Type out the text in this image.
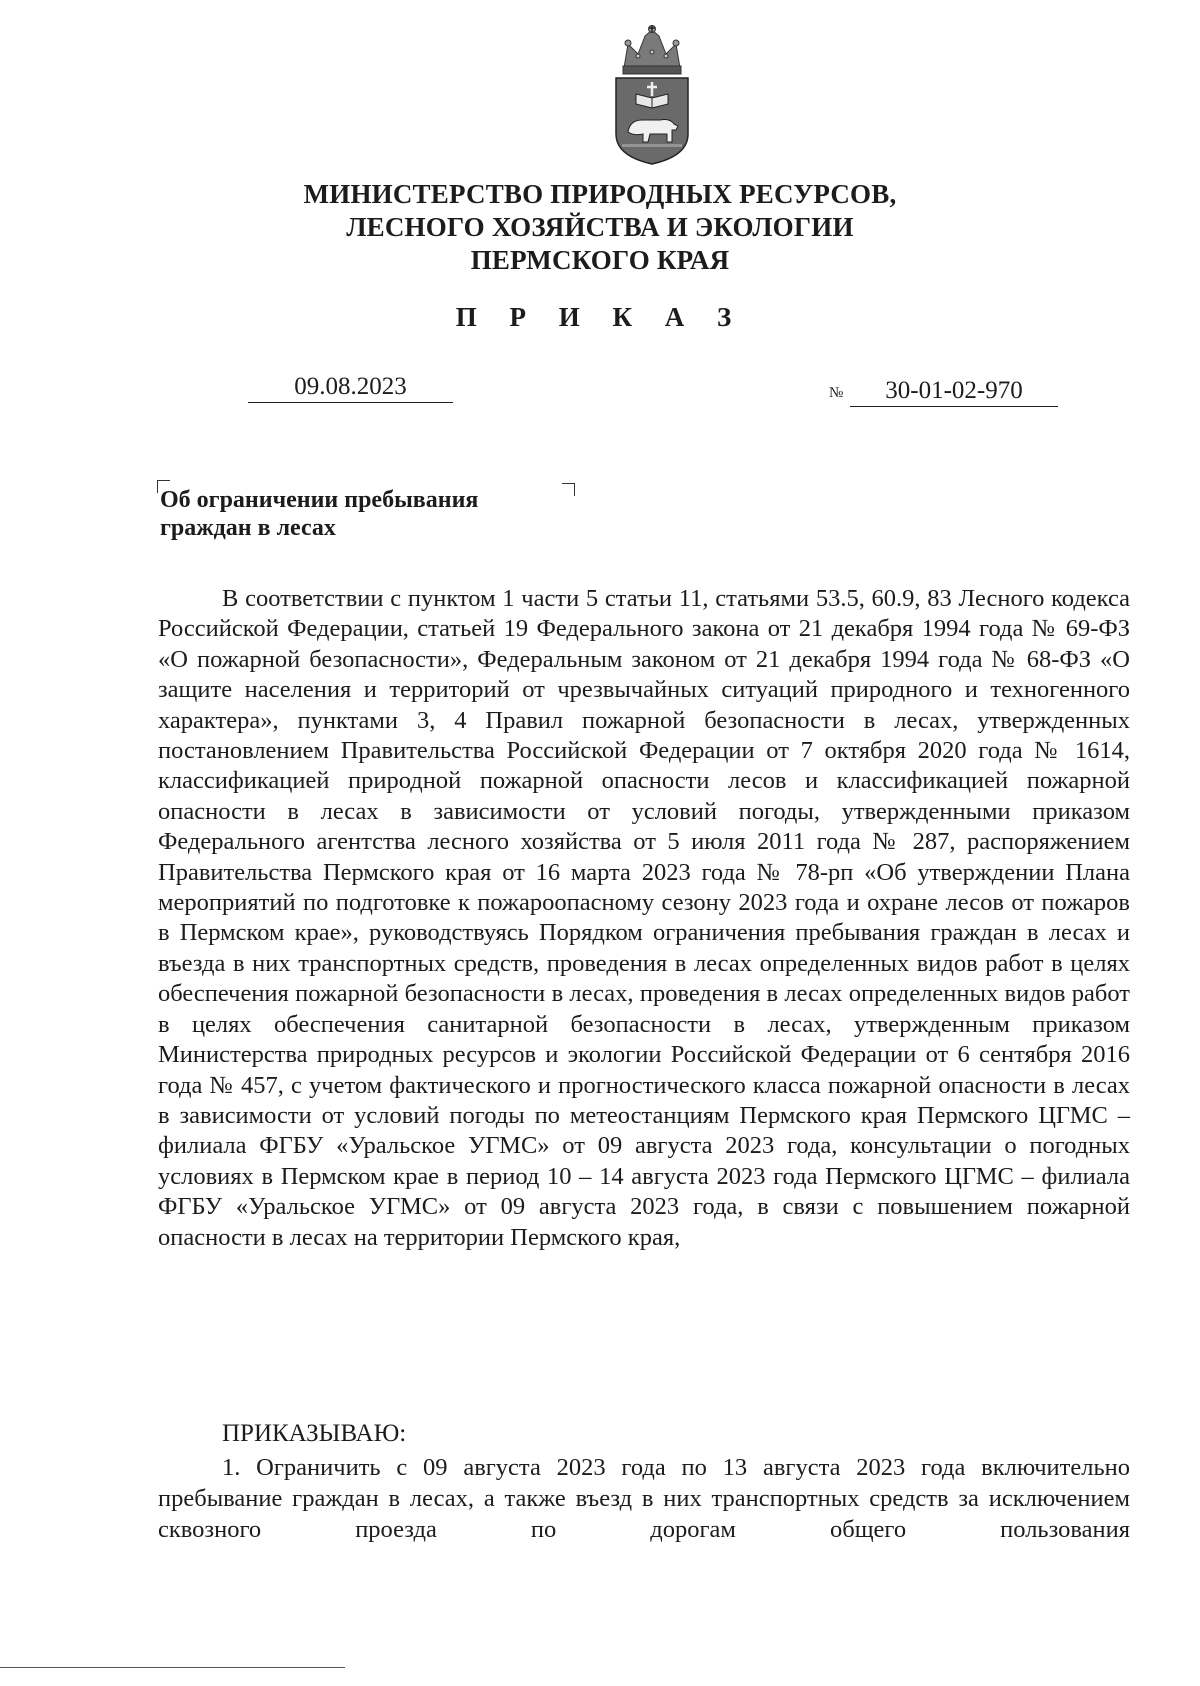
МИНИСТЕРСТВО ПРИРОДНЫХ РЕСУРСОВ,
ЛЕСНОГО ХОЗЯЙСТВА И ЭКОЛОГИИ
ПЕРМСКОГО КРАЯ
П Р И К А З
09.08.2023	№	30-01-02-970
Об ограничении пребывания
граждан в лесах

В соответствии с пунктом 1 части 5 статьи 11, статьями 53.5, 60.9, 83 Лесного кодекса Российской Федерации, статьей 19 Федерального закона от 21 декабря 1994 года № 69-ФЗ «О пожарной безопасности», Федеральным законом от 21 декабря 1994 года № 68-ФЗ «О защите населения и территорий от чрезвычайных ситуаций природного и техногенного характера», пунктами 3, 4 Правил пожарной безопасности в лесах, утвержденных постановлением Правительства Российской Федерации от 7 октября 2020 года № 1614, классификацией природной пожарной опасности лесов и классификацией пожарной опасности в лесах в зависимости от условий погоды, утвержденными приказом Федерального агентства лесного хозяйства от 5 июля 2011 года № 287, распоряжением Правительства Пермского края от 16 марта 2023 года № 78-рп «Об утверждении Плана мероприятий по подготовке к пожароопасному сезону 2023 года и охране лесов от пожаров в Пермском крае», руководствуясь Порядком ограничения пребывания граждан в лесах и въезда в них транспортных средств, проведения в лесах определенных видов работ в целях обеспечения пожарной безопасности в лесах, проведения в лесах определенных видов работ в целях обеспечения санитарной безопасности в лесах, утвержденным приказом Министерства природных ресурсов и экологии Российской Федерации от 6 сентября 2016 года № 457, с учетом фактического и прогностического класса пожарной опасности в лесах в зависимости от условий погоды по метеостанциям Пермского края Пермского ЦГМС – филиала ФГБУ «Уральское УГМС» от 09 августа 2023 года, консультации о погодных условиях в Пермском крае в период 10 – 14 августа 2023 года Пермского ЦГМС – филиала ФГБУ «Уральское УГМС» от 09 августа 2023 года, в связи с повышением пожарной опасности в лесах на территории Пермского края,

ПРИКАЗЫВАЮ:

1. Ограничить с 09 августа 2023 года по 13 августа 2023 года включительно пребывание граждан в лесах, а также въезд в них транспортных средств за исключением сквозного проезда по дорогам общего пользования
